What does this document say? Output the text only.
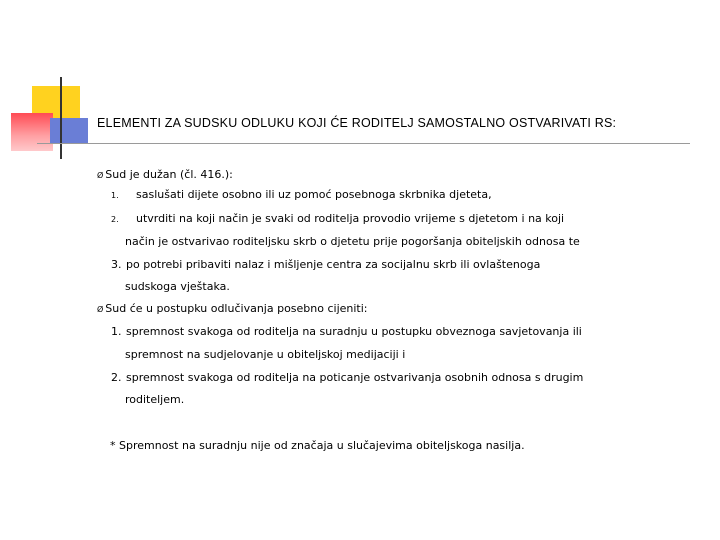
ELEMENTI ZA SUDSKU ODLUKU KOJI ĆE RODITELJ SAMOSTALNO OSTVARIVATI RS:
Ø Sud je dužan (čl. 416.):
1. saslušati dijete osobno ili uz pomoć posebnoga skrbnika djeteta,
2. utvrditi na koji način je svaki od roditelja provodio vrijeme s djetetom i na koji
način je ostvarivao roditeljsku skrb o djetetu prije pogoršanja obiteljskih odnosa te
3. po potrebi pribaviti nalaz i mišljenje centra za socijalnu skrb ili ovlaštenoga
sudskoga vještaka.
Ø Sud će u postupku odlučivanja posebno cijeniti:
1. spremnost svakoga od roditelja na suradnju u postupku obveznoga savjetovanja ili
spremnost na sudjelovanje u obiteljskoj medijaciji i
2. spremnost svakoga od roditelja na poticanje ostvarivanja osobnih odnosa s drugim
roditeljem.
* Spremnost na suradnju nije od značaja u slučajevima obiteljskoga nasilja.
